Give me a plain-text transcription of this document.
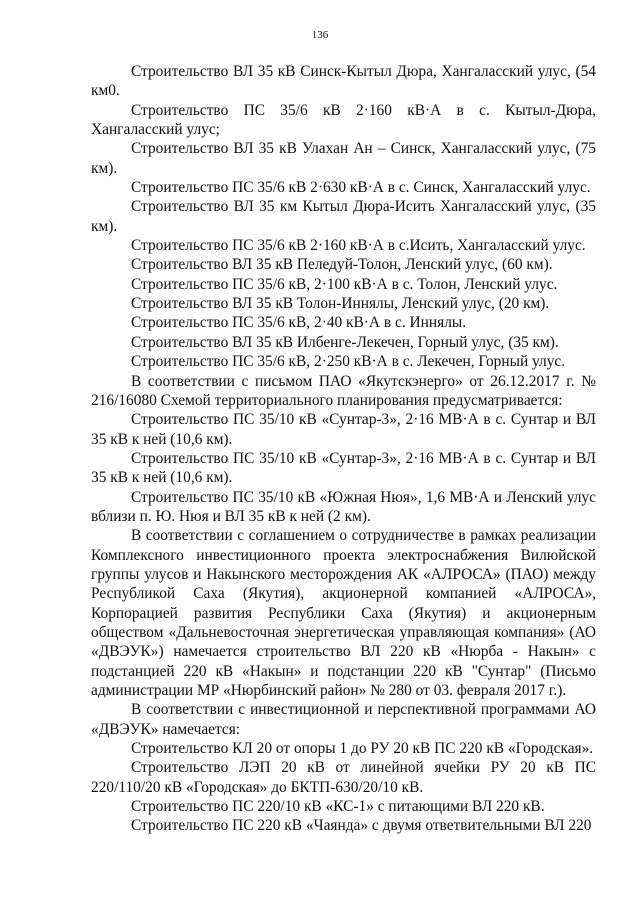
136

Строительство ВЛ 35 кВ Синск-Кытыл Дюра, Хангаласский улус, (54 км0.

Строительство ПС 35/6 кВ 2·160 кВ·А в с. Кытыл-Дюра, Хангаласский улус;

Строительство ВЛ 35 кВ Улахан Ан – Синск, Хангаласский улус, (75 км).

Строительство ПС 35/6 кВ 2·630 кВ·А в с. Синск, Хангаласский улус.

Строительство ВЛ 35 км Кытыл Дюра-Исить Хангаласский улус, (35 км).

Строительство ПС 35/6 кВ 2·160 кВ·А в с.Исить, Хангаласский улус.

Строительство ВЛ 35 кВ Пеледуй-Толон, Ленский улус, (60 км).

Строительство ПС 35/6 кВ, 2·100 кВ·А в с. Толон, Ленский улус.

Строительство ВЛ 35 кВ Толон-Иннялы, Ленский улус, (20 км).

Строительство ПС 35/6 кВ, 2·40 кВ·А в с. Иннялы.

Строительство ВЛ 35 кВ Илбенге-Лекечен, Горный улус, (35 км).

Строительство ПС 35/6 кВ, 2·250 кВ·А в с. Лекечен, Горный улус.

В соответствии с письмом ПАО «Якутскэнерго» от 26.12.2017 г. № 216/16080 Схемой территориального планирования предусматривается:

Строительство ПС 35/10 кВ «Сунтар-3», 2·16 МВ·А в с. Сунтар и ВЛ 35 кВ к ней (10,6 км).

Строительство ПС 35/10 кВ «Сунтар-3», 2·16 МВ·А в с. Сунтар и ВЛ 35 кВ к ней (10,6 км).

Строительство ПС 35/10 кВ «Южная Нюя», 1,6 МВ·А и Ленский улус вблизи п. Ю. Нюя и ВЛ 35 кВ к ней (2 км).

В соответствии с соглашением о сотрудничестве в рамках реализации Комплексного инвестиционного проекта электроснабжения Вилюйской группы улусов и Накынского месторождения АК «АЛРОСА» (ПАО) между Республикой Саха (Якутия), акционерной компанией «АЛРОСА», Корпорацией развития Республики Саха (Якутия) и акционерным обществом «Дальневосточная энергетическая управляющая компания» (АО «ДВЭУК») намечается строительство ВЛ 220 кВ «Нюрба - Накын» с подстанцией 220 кВ «Накын» и подстанции 220 кВ "Сунтар" (Письмо администрации МР «Нюрбинский район» № 280 от 03. февраля 2017 г.).

В соответствии с инвестиционной и перспективной программами АО «ДВЭУК» намечается:

Строительство КЛ 20 от опоры 1 до РУ 20 кВ ПС 220 кВ «Городская».

Строительство ЛЭП 20 кВ от линейной ячейки РУ 20 кВ ПС 220/110/20 кВ «Городская» до БКТП-630/20/10 кВ.

Строительство ПС 220/10 кВ «КС-1» с питающими ВЛ 220 кВ.

Строительство ПС 220 кВ «Чаянда» с двумя ответвительными ВЛ 220
